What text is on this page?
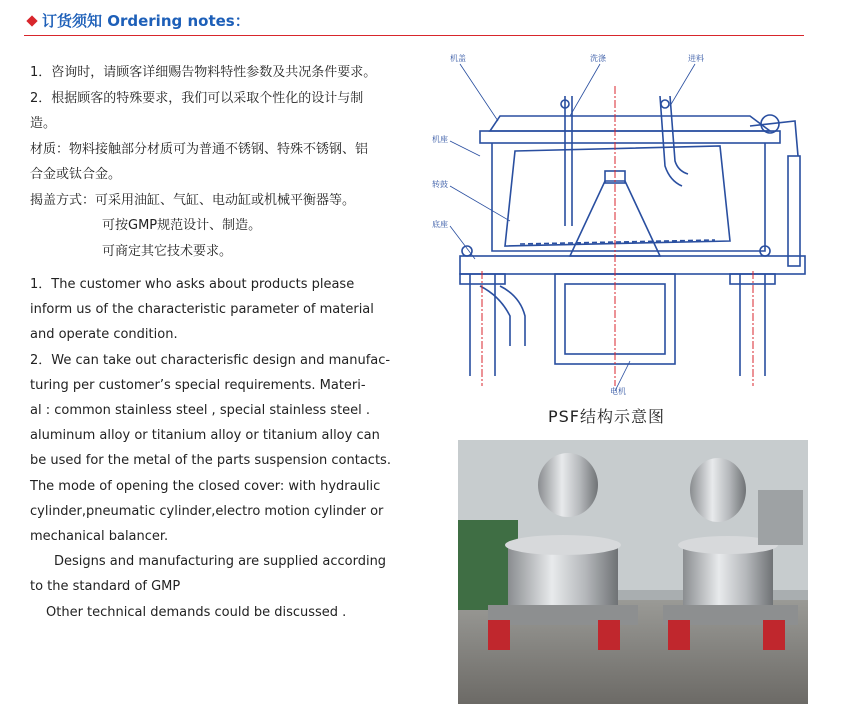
订货须知 Ordering notes：

1．咨询时，请顾客详细赐告物料特性参数及共况条件要求。

2．根据顾客的特殊要求，我们可以采取个性化的设计与制

造。

材质：物料接触部分材质可为普通不锈钢、特殊不锈钢、铝

合金或钛合金。

揭盖方式：可采用油缸、气缸、电动缸或机械平衡器等。

可按GMP规范设计、制造。

可商定其它技术要求。

1．The customer who asks about products please

inform us of the characteristic parameter of material

and operate condition.

2．We can take out characterisfic design and manufac-

turing per customer’s special requirements. Materi-

al : common stainless steel , special stainless steel .

aluminum alloy or titanium alloy or titanium alloy can

be used for the metal of the parts suspension contacts.

The mode of opening the closed cover: with hydraulic

cylinder,pneumatic cylinder,electro motion cylinder or

mechanical balancer.

Designs and manufacturing are supplied according

to the standard of GMP

Other technical demands could be discussed .

机盖	洗涤	进料
机座
转鼓
底座
电机
PSF结构示意图
